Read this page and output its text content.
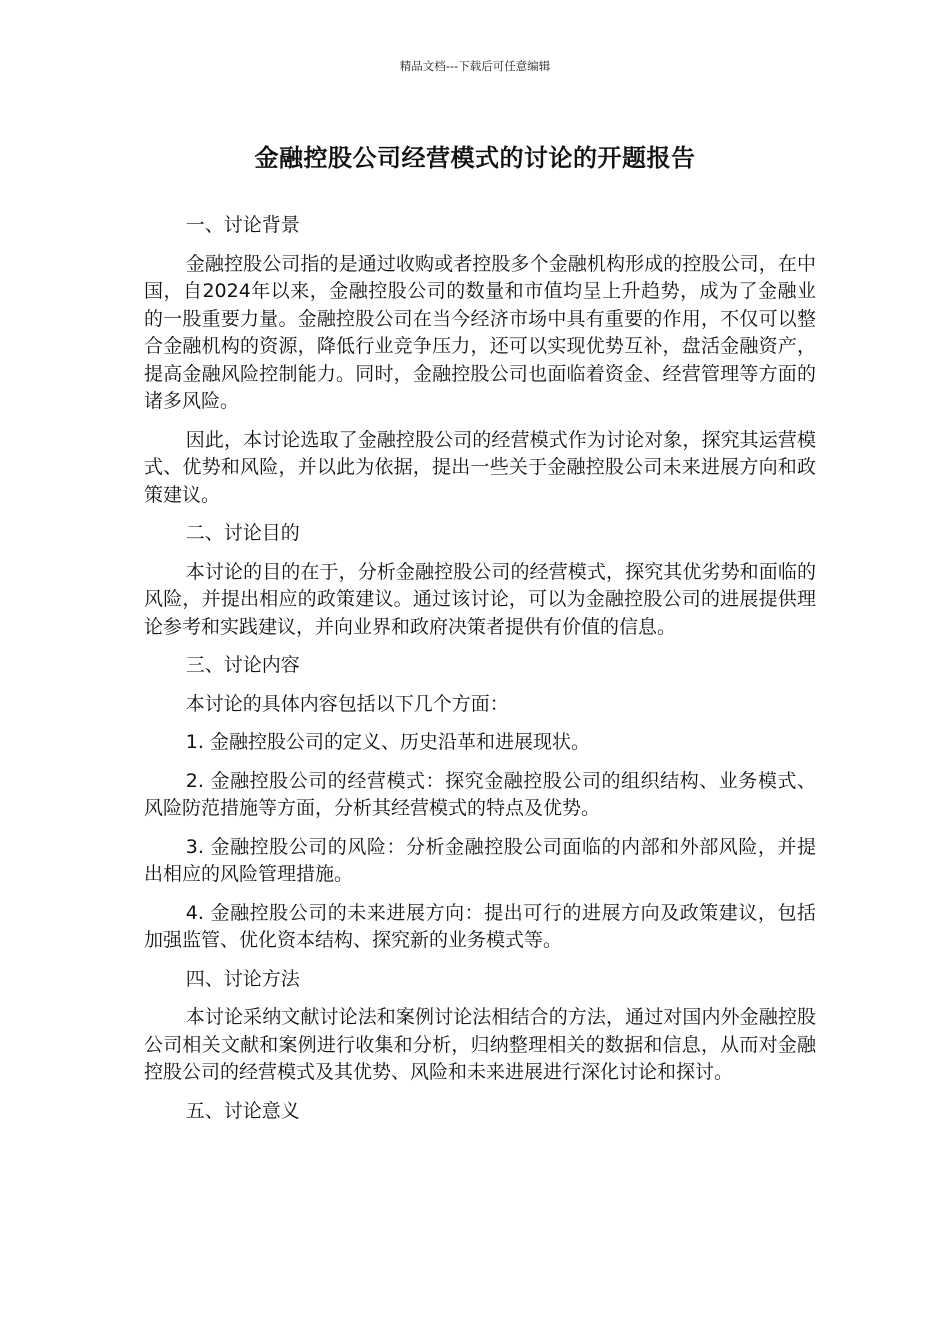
精品文档---下载后可任意编辑
金融控股公司经营模式的讨论的开题报告

一、讨论背景

金融控股公司指的是通过收购或者控股多个金融机构形成的控股公司，在中国，自2024年以来，金融控股公司的数量和市值均呈上升趋势，成为了金融业的一股重要力量。金融控股公司在当今经济市场中具有重要的作用，不仅可以整合金融机构的资源，降低行业竞争压力，还可以实现优势互补，盘活金融资产，提高金融风险控制能力。同时，金融控股公司也面临着资金、经营管理等方面的诸多风险。

因此，本讨论选取了金融控股公司的经营模式作为讨论对象，探究其运营模式、优势和风险，并以此为依据，提出一些关于金融控股公司未来进展方向和政策建议。

二、讨论目的

本讨论的目的在于，分析金融控股公司的经营模式，探究其优劣势和面临的风险，并提出相应的政策建议。通过该讨论，可以为金融控股公司的进展提供理论参考和实践建议，并向业界和政府决策者提供有价值的信息。

三、讨论内容

本讨论的具体内容包括以下几个方面：

1. 金融控股公司的定义、历史沿革和进展现状。

2. 金融控股公司的经营模式：探究金融控股公司的组织结构、业务模式、风险防范措施等方面，分析其经营模式的特点及优势。

3. 金融控股公司的风险：分析金融控股公司面临的内部和外部风险，并提出相应的风险管理措施。

4. 金融控股公司的未来进展方向：提出可行的进展方向及政策建议，包括加强监管、优化资本结构、探究新的业务模式等。

四、讨论方法

本讨论采纳文献讨论法和案例讨论法相结合的方法，通过对国内外金融控股公司相关文献和案例进行收集和分析，归纳整理相关的数据和信息，从而对金融控股公司的经营模式及其优势、风险和未来进展进行深化讨论和探讨。

五、讨论意义
